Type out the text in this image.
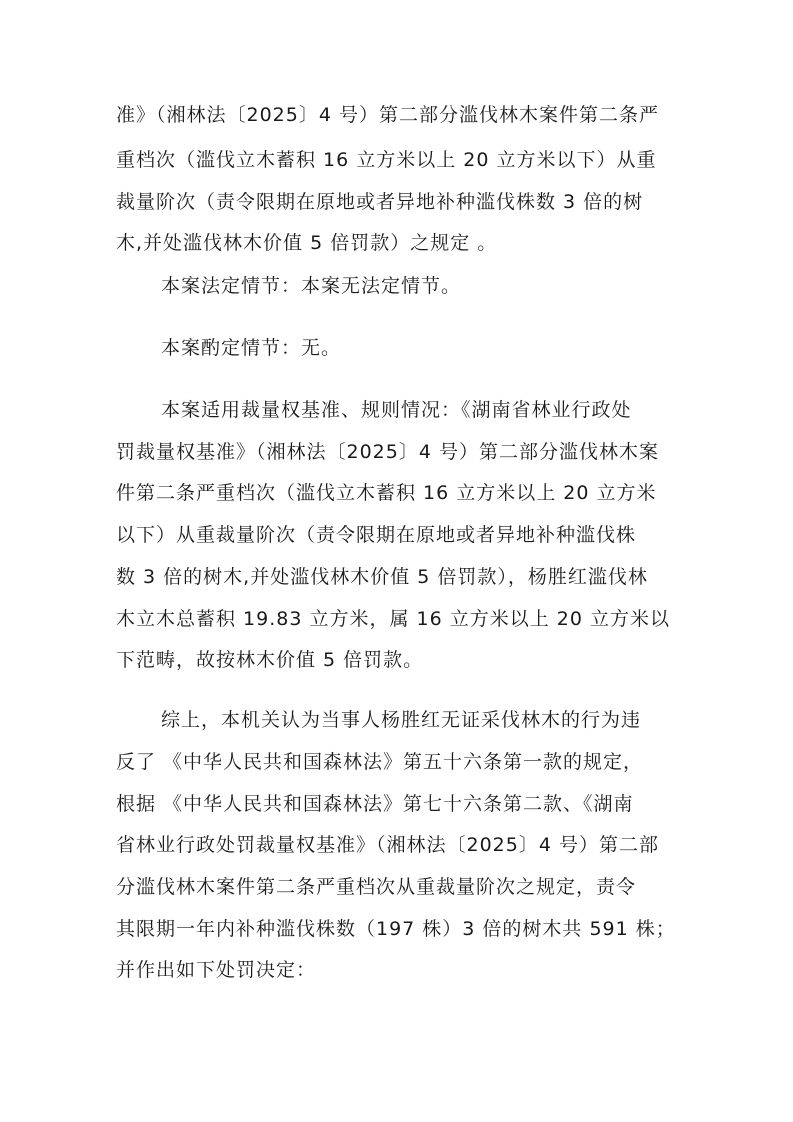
准》（湘林法〔2025〕4 号）第二部分滥伐林木案件第二条严
重档次（滥伐立木蓄积 16 立方米以上 20 立方米以下）从重
裁量阶次（责令限期在原地或者异地补种滥伐株数 3 倍的树
木,并处滥伐林木价值 5 倍罚款）之规定 。
本案法定情节：本案无法定情节。
本案酌定情节：无。
本案适用裁量权基准、规则情况：《湖南省林业行政处
罚裁量权基准》（湘林法〔2025〕4 号）第二部分滥伐林木案
件第二条严重档次（滥伐立木蓄积 16 立方米以上 20 立方米
以下）从重裁量阶次（责令限期在原地或者异地补种滥伐株
数 3 倍的树木,并处滥伐林木价值 5 倍罚款），杨胜红滥伐林
木立木总蓄积 19.83 立方米，属 16 立方米以上 20 立方米以
下范畴，故按林木价值 5 倍罚款。
综上，本机关认为当事人杨胜红无证采伐林木的行为违
反了 《中华人民共和国森林法》第五十六条第一款的规定，
根据 《中华人民共和国森林法》第七十六条第二款、《湖南
省林业行政处罚裁量权基准》（湘林法〔2025〕4 号）第二部
分滥伐林木案件第二条严重档次从重裁量阶次之规定，责令
其限期一年内补种滥伐株数（197 株）3 倍的树木共 591 株；
并作出如下处罚决定：
